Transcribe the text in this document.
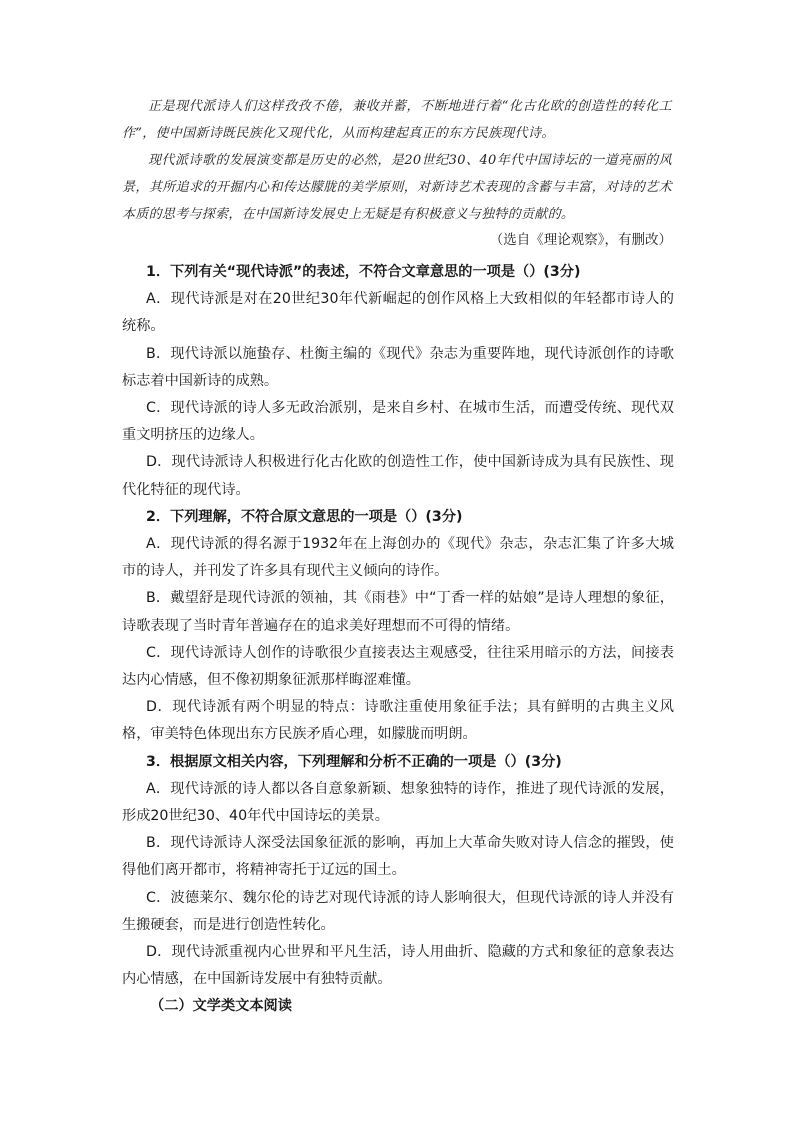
正是现代派诗人们这样孜孜不倦，兼收并蓄，不断地进行着“化古化欧的创造性的转化工作”，使中国新诗既民族化又现代化，从而构建起真正的东方民族现代诗。

现代派诗歌的发展演变都是历史的必然，是20世纪30、40年代中国诗坛的一道亮丽的风景，其所追求的开掘内心和传达朦胧的美学原则，对新诗艺术表现的含蓄与丰富，对诗的艺术本质的思考与探索，在中国新诗发展史上无疑是有积极意义与独特的贡献的。

（选自《理论观察》，有删改）

1．下列有关“现代诗派”的表述，不符合文章意思的一项是（）(3分)

A．现代诗派是对在20世纪30年代新崛起的创作风格上大致相似的年轻都市诗人的统称。

B．现代诗派以施蛰存、杜衡主编的《现代》杂志为重要阵地，现代诗派创作的诗歌标志着中国新诗的成熟。

C．现代诗派的诗人多无政治派别，是来自乡村、在城市生活，而遭受传统、现代双重文明挤压的边缘人。

D．现代诗派诗人积极进行化古化欧的创造性工作，使中国新诗成为具有民族性、现代化特征的现代诗。

2．下列理解，不符合原文意思的一项是（）(3分)

A．现代诗派的得名源于1932年在上海创办的《现代》杂志，杂志汇集了许多大城市的诗人，并刊发了许多具有现代主义倾向的诗作。

B．戴望舒是现代诗派的领袖，其《雨巷》中“丁香一样的姑娘”是诗人理想的象征，诗歌表现了当时青年普遍存在的追求美好理想而不可得的情绪。

C．现代诗派诗人创作的诗歌很少直接表达主观感受，往往采用暗示的方法，间接表达内心情感，但不像初期象征派那样晦涩难懂。

D．现代诗派有两个明显的特点：诗歌注重使用象征手法；具有鲜明的古典主义风格，审美特色体现出东方民族矛盾心理，如朦胧而明朗。

3．根据原文相关内容，下列理解和分析不正确的一项是（）(3分)

A．现代诗派的诗人都以各自意象新颖、想象独特的诗作，推进了现代诗派的发展，形成20世纪30、40年代中国诗坛的美景。

B．现代诗派诗人深受法国象征派的影响，再加上大革命失败对诗人信念的摧毁，使得他们离开都市，将精神寄托于辽远的国土。

C．波德莱尔、魏尔伦的诗艺对现代诗派的诗人影响很大，但现代诗派的诗人并没有生搬硬套，而是进行创造性转化。

D．现代诗派重视内心世界和平凡生活，诗人用曲折、隐藏的方式和象征的意象表达内心情感，在中国新诗发展中有独特贡献。

（二）文学类文本阅读
